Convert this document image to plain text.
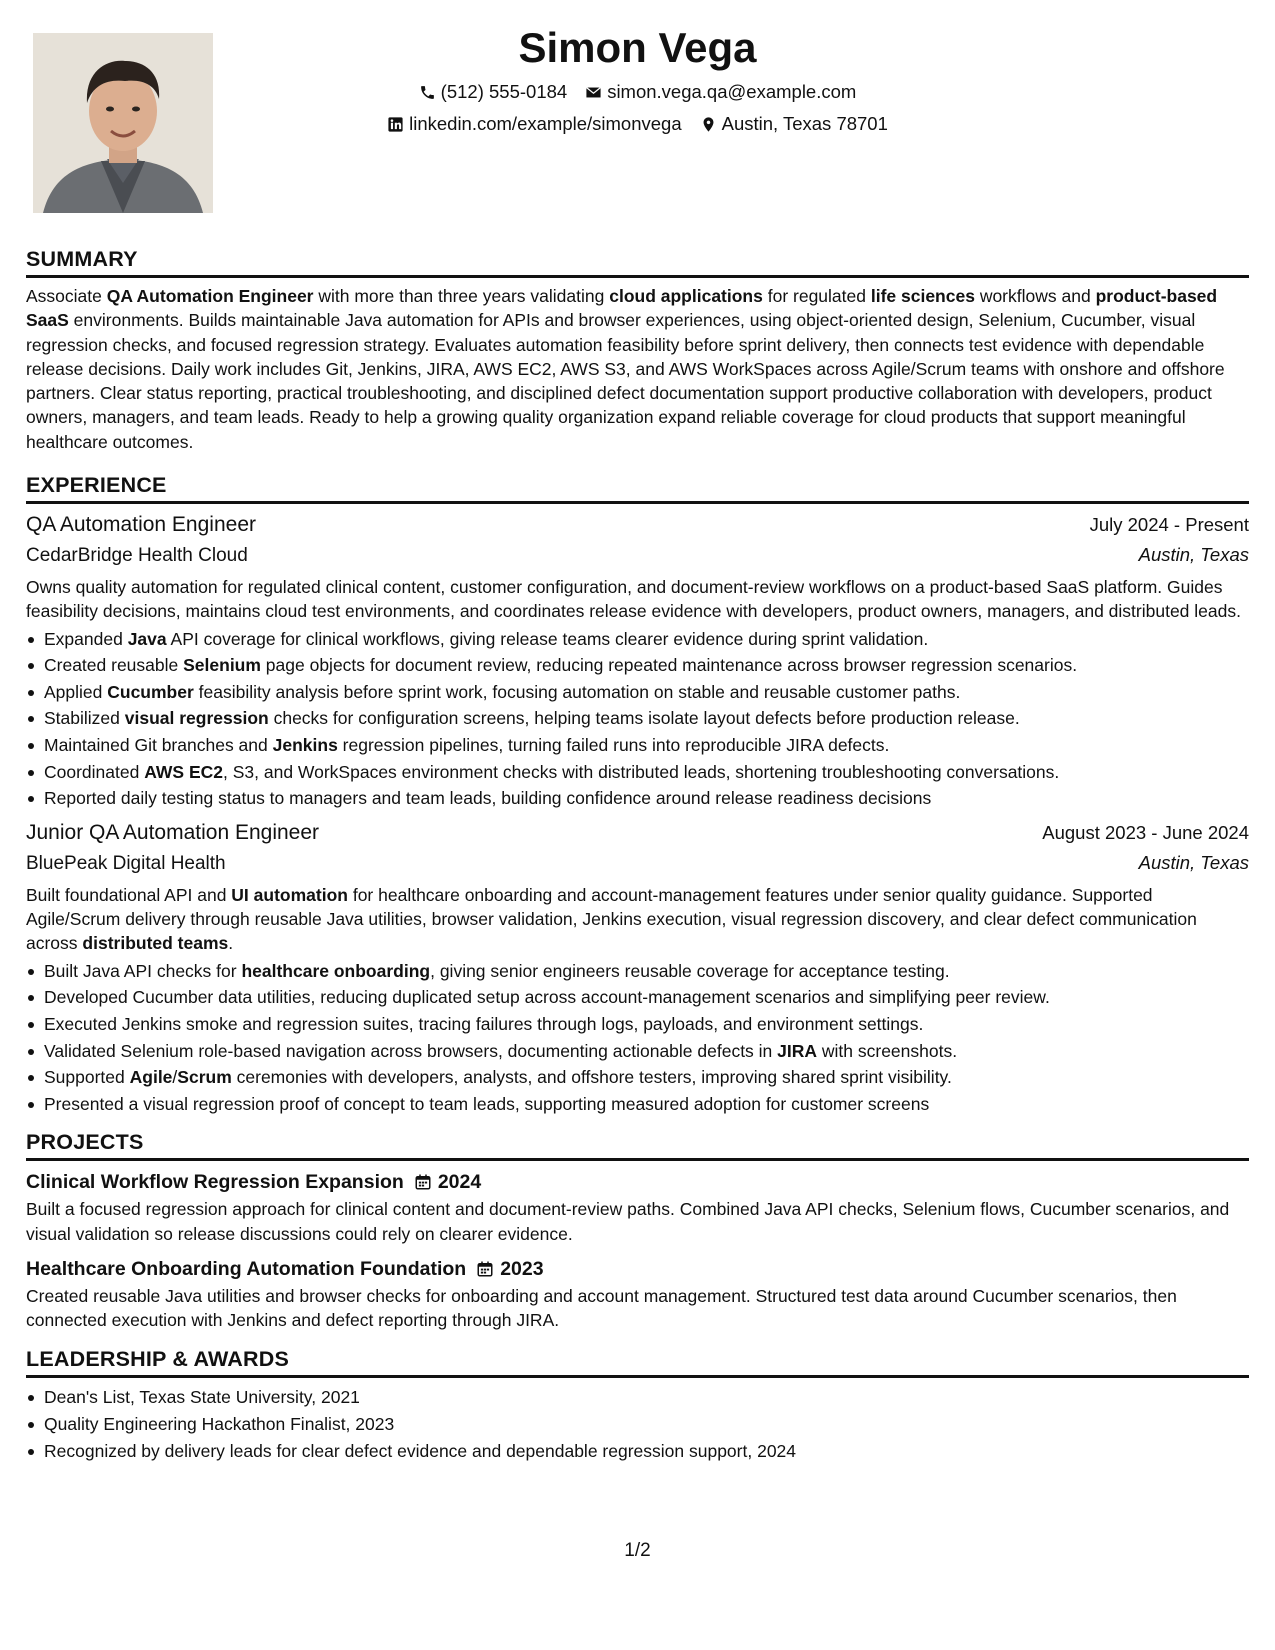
Simon Vega
(512) 555-0184 simon.vega.qa@example.com
linkedin.com/example/simonvega Austin, Texas 78701
SUMMARY

Associate QA Automation Engineer with more than three years validating cloud applications for regulated life sciences workflows and product-based SaaS environments. Builds maintainable Java automation for APIs and browser experiences, using object-oriented design, Selenium, Cucumber, visual regression checks, and focused regression strategy. Evaluates automation feasibility before sprint delivery, then connects test evidence with dependable release decisions. Daily work includes Git, Jenkins, JIRA, AWS EC2, AWS S3, and AWS WorkSpaces across Agile/Scrum teams with onshore and offshore partners. Clear status reporting, practical troubleshooting, and disciplined defect documentation support productive collaboration with developers, product owners, managers, and team leads. Ready to help a growing quality organization expand reliable coverage for cloud products that support meaningful healthcare outcomes.

EXPERIENCE
QA Automation Engineer	July 2024 - Present
CedarBridge Health Cloud	Austin, Texas

Owns quality automation for regulated clinical content, customer configuration, and document-review workflows on a product-based SaaS platform. Guides feasibility decisions, maintains cloud test environments, and coordinates release evidence with developers, product owners, managers, and distributed leads.

Expanded Java API coverage for clinical workflows, giving release teams clearer evidence during sprint validation.
Created reusable Selenium page objects for document review, reducing repeated maintenance across browser regression scenarios.
Applied Cucumber feasibility analysis before sprint work, focusing automation on stable and reusable customer paths.
Stabilized visual regression checks for configuration screens, helping teams isolate layout defects before production release.
Maintained Git branches and Jenkins regression pipelines, turning failed runs into reproducible JIRA defects.
Coordinated AWS EC2, S3, and WorkSpaces environment checks with distributed leads, shortening troubleshooting conversations.
Reported daily testing status to managers and team leads, building confidence around release readiness decisions
Junior QA Automation Engineer	August 2023 - June 2024
BluePeak Digital Health	Austin, Texas

Built foundational API and UI automation for healthcare onboarding and account-management features under senior quality guidance. Supported Agile/Scrum delivery through reusable Java utilities, browser validation, Jenkins execution, visual regression discovery, and clear defect communication across distributed teams.

Built Java API checks for healthcare onboarding, giving senior engineers reusable coverage for acceptance testing.
Developed Cucumber data utilities, reducing duplicated setup across account-management scenarios and simplifying peer review.
Executed Jenkins smoke and regression suites, tracing failures through logs, payloads, and environment settings.
Validated Selenium role-based navigation across browsers, documenting actionable defects in JIRA with screenshots.
Supported Agile/Scrum ceremonies with developers, analysts, and offshore testers, improving shared sprint visibility.
Presented a visual regression proof of concept to team leads, supporting measured adoption for customer screens
PROJECTS
Clinical Workflow Regression Expansion 2024

Built a focused regression approach for clinical content and document-review paths. Combined Java API checks, Selenium flows, Cucumber scenarios, and visual validation so release discussions could rely on clearer evidence.

Healthcare Onboarding Automation Foundation 2023

Created reusable Java utilities and browser checks for onboarding and account management. Structured test data around Cucumber scenarios, then connected execution with Jenkins and defect reporting through JIRA.

LEADERSHIP & AWARDS
Dean's List, Texas State University, 2021
Quality Engineering Hackathon Finalist, 2023
Recognized by delivery leads for clear defect evidence and dependable regression support, 2024
1/2
